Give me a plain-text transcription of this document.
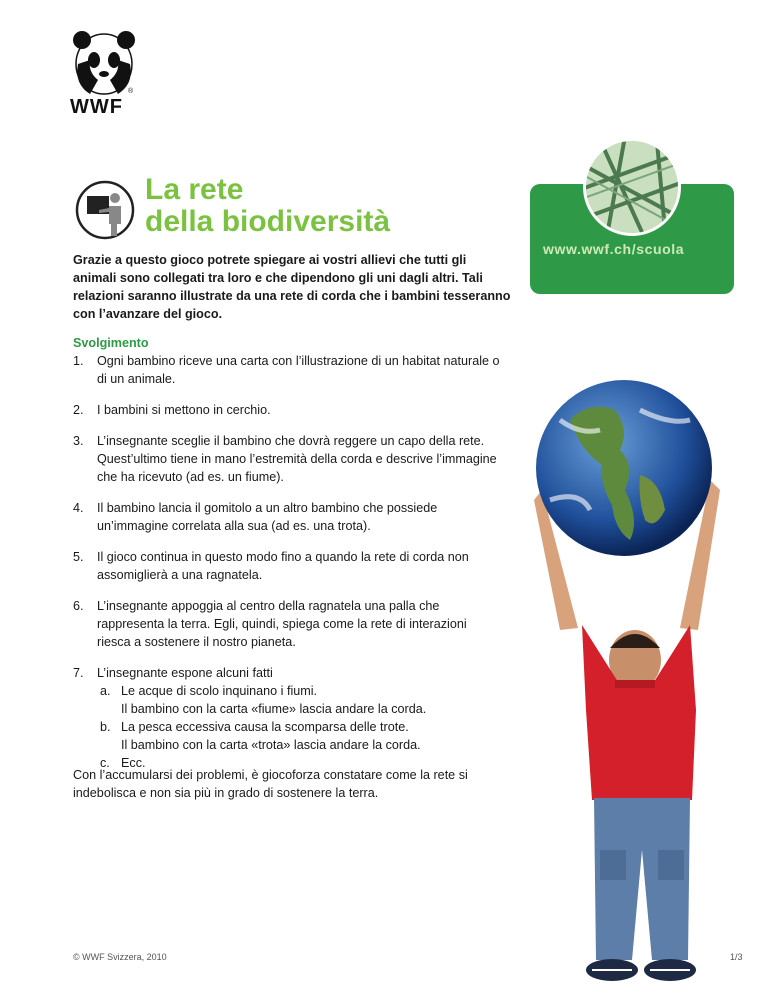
WWF
®	®
La rete
della biodiversità
www.wwf.ch/scuola

Grazie a questo gioco potrete spiegare ai vostri allievi che tutti gli animali sono collegati tra loro e che dipendono gli uni dagli altri. Tali relazioni saranno illustrate da una rete di corda che i bambini tesseranno con l’avanzare del gioco.

Svolgimento
1.	Ogni bambino riceve una carta con l’illustrazione di un habitat naturale o di un animale.
2.	I bambini si mettono in cerchio.
3.	L’insegnante sceglie il bambino che dovrà reggere un capo della rete. Quest’ultimo tiene in mano l’estremità della corda e descrive l’immagine che ha ricevuto (ad es. un fiume).
4.	Il bambino lancia il gomitolo a un altro bambino che possiede un’immagine correlata alla sua (ad es. una trota).
5.	Il gioco continua in questo modo fino a quando la rete di corda non assomiglierà a una ragnatela.
6.	L’insegnante appoggia al centro della ragnatela una palla che rappresenta la terra. Egli, quindi, spiega come la rete di interazioni riesca a sostenere il nostro pianeta.
7.	L’insegnante espone alcuni fatti
a. Le acque di scolo inquinano i fiumi.
Il bambino con la carta «fiume» lascia andare la corda.
b. La pesca eccessiva causa la scomparsa delle trote.
Il bambino con la carta «trota» lascia andare la corda.
c. Ecc.

Con l’accumularsi dei problemi, è giocoforza constatare come la rete si indebolisca e non sia più in grado di sostenere la terra.

© WWF Svizzera, 2010	1/3
